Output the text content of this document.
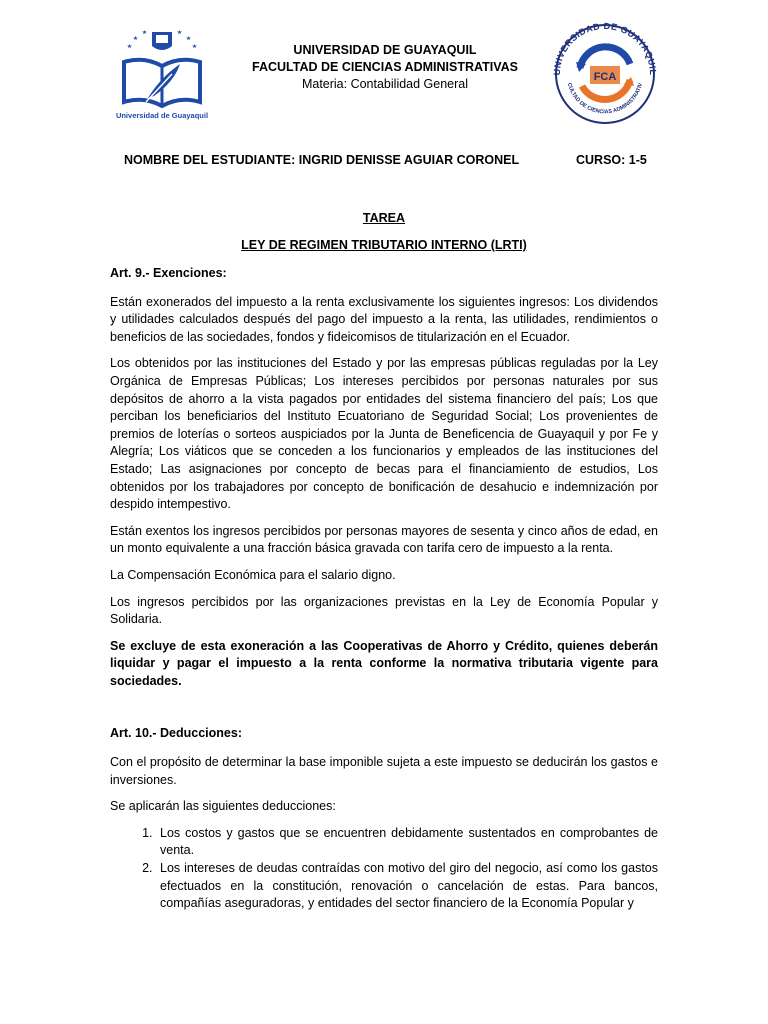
Universidad de Guayaquil
UNIVERSIDAD DE GUAYAQUIL
FACULTAD DE CIENCIAS ADMINISTRATIVAS
Materia: Contabilidad General
UNIVERSIDAD DE GUAYAQUIL
CULTAD DE CIENCIAS ADMINISTRATIV
FCA
NOMBRE DEL ESTUDIANTE: INGRID DENISSE AGUIAR CORONEL	CURSO: 1-5
TAREA
LEY DE REGIMEN TRIBUTARIO INTERNO (LRTI)

Art. 9.- Exenciones:

Están exonerados del impuesto a la renta exclusivamente los siguientes ingresos: Los dividendos y utilidades calculados después del pago del impuesto a la renta, las utilidades, rendimientos o beneficios de las sociedades, fondos y fideicomisos de titularización en el Ecuador.

Los obtenidos por las instituciones del Estado y por las empresas públicas reguladas por la Ley Orgánica de Empresas Públicas; Los intereses percibidos por personas naturales por sus depósitos de ahorro a la vista pagados por entidades del sistema financiero del país; Los que perciban los beneficiarios del Instituto Ecuatoriano de Seguridad Social; Los provenientes de premios de loterías o sorteos auspiciados por la Junta de Beneficencia de Guayaquil y por Fe y Alegría; Los viáticos que se conceden a los funcionarios y empleados de las instituciones del Estado; Las asignaciones por concepto de becas para el financiamiento de estudios, Los obtenidos por los trabajadores por concepto de bonificación de desahucio e indemnización por despido intempestivo.

Están exentos los ingresos percibidos por personas mayores de sesenta y cinco años de edad, en un monto equivalente a una fracción básica gravada con tarifa cero de impuesto a la renta.

La Compensación Económica para el salario digno.

Los ingresos percibidos por las organizaciones previstas en la Ley de Economía Popular y Solidaria.

Se excluye de esta exoneración a las Cooperativas de Ahorro y Crédito, quienes deberán liquidar y pagar el impuesto a la renta conforme la normativa tributaria vigente para sociedades.

Art. 10.- Deducciones:

Con el propósito de determinar la base imponible sujeta a este impuesto se deducirán los gastos e inversiones.

Se aplicarán las siguientes deducciones:

1. Los costos y gastos que se encuentren debidamente sustentados en comprobantes de venta.
2. Los intereses de deudas contraídas con motivo del giro del negocio, así como los gastos efectuados en la constitución, renovación o cancelación de estas. Para bancos, compañías aseguradoras, y entidades del sector financiero de la Economía Popular y
